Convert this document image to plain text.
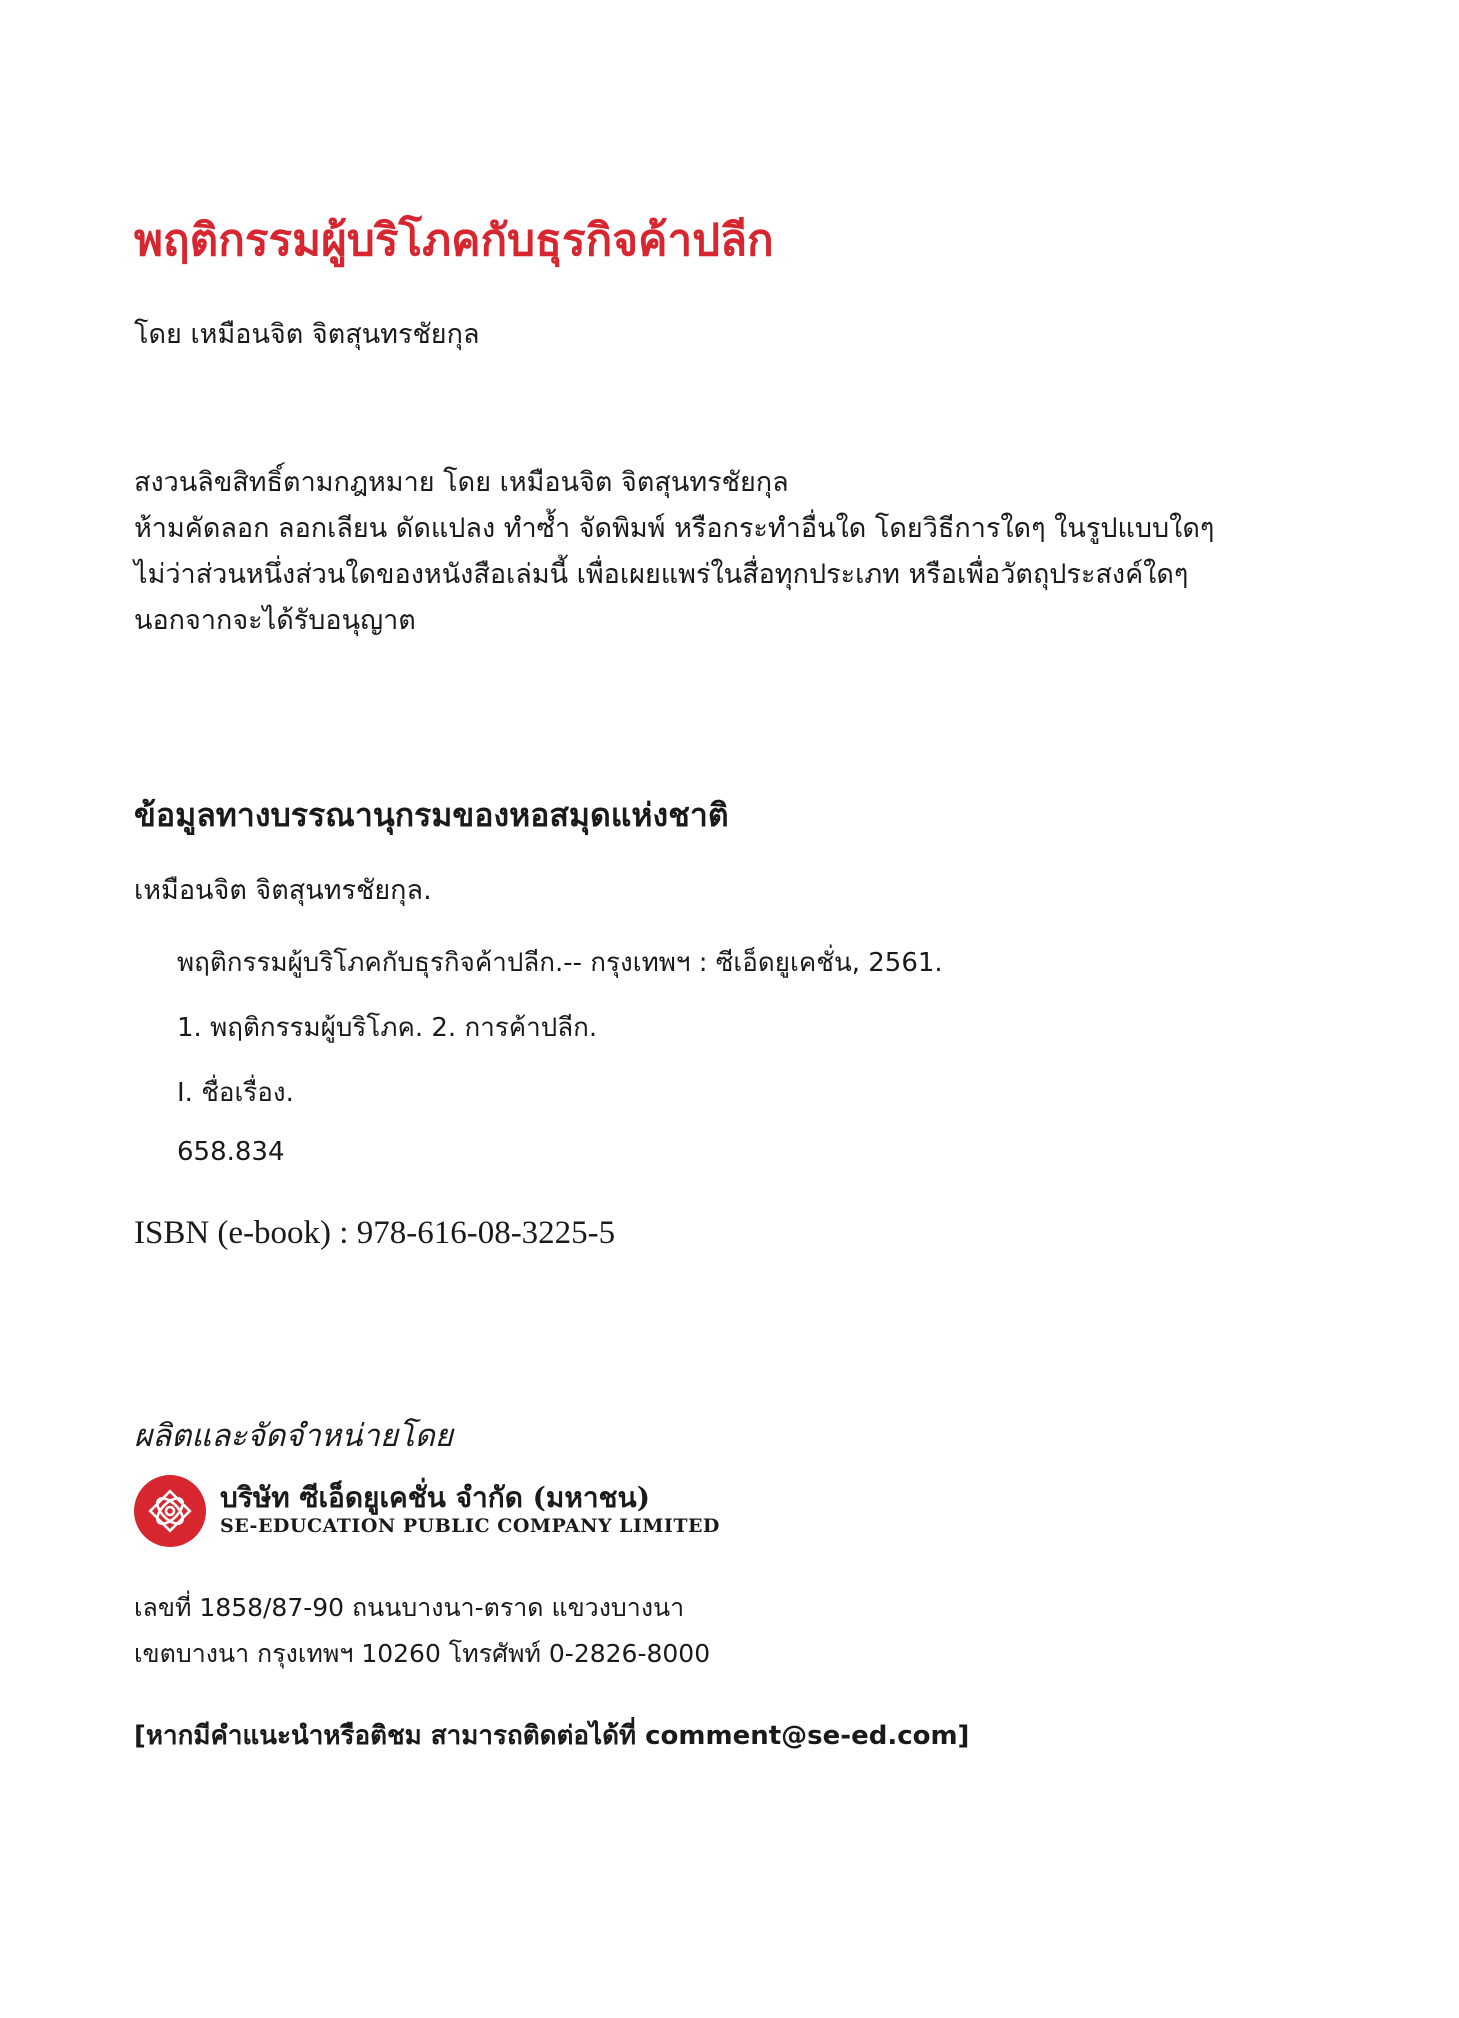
พฤติกรรมผู้บริโภคกับธุรกิจค้าปลีก
โดย เหมือนจิต จิตสุนทรชัยกุล
สงวนลิขสิทธิ์ตามกฎหมาย โดย เหมือนจิต จิตสุนทรชัยกุล
ห้ามคัดลอก ลอกเลียน ดัดแปลง ทำซ้ำ จัดพิมพ์ หรือกระทำอื่นใด โดยวิธีการใดๆ ในรูปแบบใดๆ
ไม่ว่าส่วนหนึ่งส่วนใดของหนังสือเล่มนี้ เพื่อเผยแพร่ในสื่อทุกประเภท หรือเพื่อวัตถุประสงค์ใดๆ
นอกจากจะได้รับอนุญาต
ข้อมูลทางบรรณานุกรมของหอสมุดแห่งชาติ
เหมือนจิต จิตสุนทรชัยกุล.
พฤติกรรมผู้บริโภคกับธุรกิจค้าปลีก.-- กรุงเทพฯ : ซีเอ็ดยูเคชั่น, 2561.
1. พฤติกรรมผู้บริโภค. 2. การค้าปลีก.
I. ชื่อเรื่อง.
658.834
ISBN (e-book) : 978-616-08-3225-5
ผลิตและจัดจำหน่ายโดย
บริษัท ซีเอ็ดยูเคชั่น จำกัด (มหาชน)
SE-EDUCATION PUBLIC COMPANY LIMITED
เลขที่ 1858/87-90 ถนนบางนา-ตราด แขวงบางนา
เขตบางนา กรุงเทพฯ 10260 โทรศัพท์ 0-2826-8000
[หากมีคำแนะนำหรือติชม สามารถติดต่อได้ที่ comment@se-ed.com]
